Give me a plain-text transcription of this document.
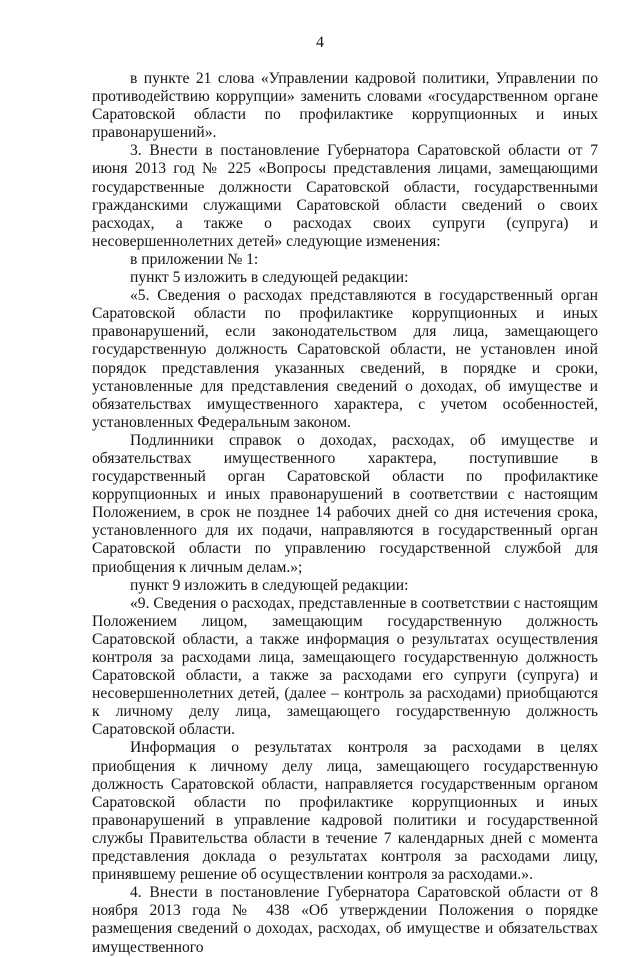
4

в пункте 21 слова «Управлении кадровой политики, Управлении по противодействию коррупции» заменить словами «государственном органе Саратовской области по профилактике коррупционных и иных правонарушений».

3. Внести в постановление Губернатора Саратовской области от 7 июня 2013 год № 225 «Вопросы представления лицами, замещающими государственные должности Саратовской области, государственными гражданскими служащими Саратовской области сведений о своих расходах, а также о расходах своих супруги (супруга) и несовершеннолетних детей» следующие изменения:

в приложении № 1:

пункт 5 изложить в следующей редакции:

«5. Сведения о расходах представляются в государственный орган Саратовской области по профилактике коррупционных и иных правонарушений, если законодательством для лица, замещающего государственную должность Саратовской области, не установлен иной порядок представления указанных сведений, в порядке и сроки, установленные для представления сведений о доходах, об имуществе и обязательствах имущественного характера, с учетом особенностей, установленных Федеральным законом.

Подлинники справок о доходах, расходах, об имуществе и обязательствах имущественного характера, поступившие в государственный орган Саратовской области по профилактике коррупционных и иных правонарушений в соответствии с настоящим Положением, в срок не позднее 14 рабочих дней со дня истечения срока, установленного для их подачи, направляются в государственный орган Саратовской области по управлению государственной службой для приобщения к личным делам.»;

пункт 9 изложить в следующей редакции:

«9. Сведения о расходах, представленные в соответствии с настоящим Положением лицом, замещающим государственную должность Саратовской области, а также информация о результатах осуществления контроля за расходами лица, замещающего государственную должность Саратовской области, а также за расходами его супруги (супруга) и несовершеннолетних детей, (далее – контроль за расходами) приобщаются к личному делу лица, замещающего государственную должность Саратовской области.

Информация о результатах контроля за расходами в целях приобщения к личному делу лица, замещающего государственную должность Саратовской области, направляется государственным органом Саратовской области по профилактике коррупционных и иных правонарушений в управление кадровой политики и государственной службы Правительства области в течение 7 календарных дней с момента представления доклада о результатах контроля за расходами лицу, принявшему решение об осуществлении контроля за расходами.».

4. Внести в постановление Губернатора Саратовской области от 8 ноября 2013 года № 438 «Об утверждении Положения о порядке размещения сведений о доходах, расходах, об имуществе и обязательствах имущественного
